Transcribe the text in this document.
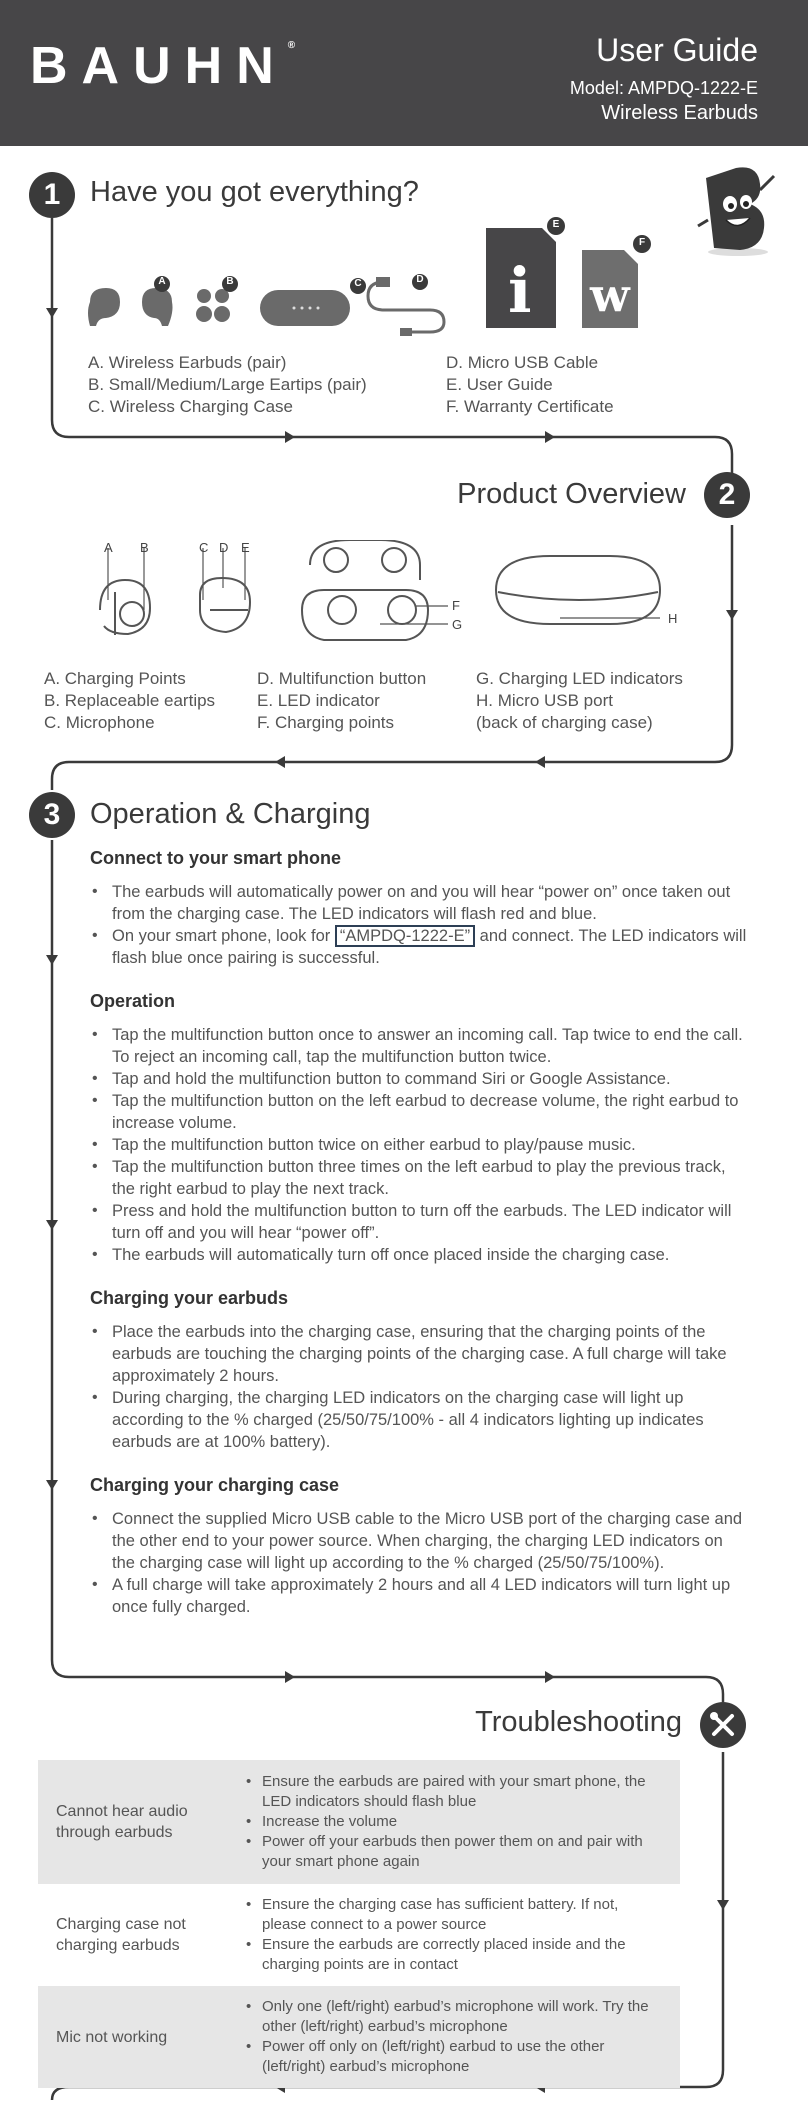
BAUHN®	User Guide
Model: AMPDQ-1222-E
Wireless Earbuds
1	Have you got everything?
A	B	C	D i w
E
F
A. Wireless Earbuds (pair)
B. Small/Medium/Large Eartips (pair)
C. Wireless Charging Case
D. Micro USB Cable
E. User Guide
F. Warranty Certificate
Product Overview	2
A B	C D E
F
G	H
A. Charging Points
B. Replaceable eartips
C. Microphone
D. Multifunction button
E. LED indicator
F. Charging points
G. Charging LED indicators
H. Micro USB port
(back of charging case)
3	Operation & Charging
Connect to your smart phone
• The earbuds will automatically power on and you will hear “power on” once taken out from the charging case. The LED indicators will flash red and blue.
• On your smart phone, look for “AMPDQ-1222-E” and connect. The LED indicators will flash blue once pairing is successful.
Operation
• Tap the multifunction button once to answer an incoming call. Tap twice to end the call. To reject an incoming call, tap the multifunction button twice.
• Tap and hold the multifunction button to command Siri or Google Assistance.
• Tap the multifunction button on the left earbud to decrease volume, the right earbud to increase volume.
• Tap the multifunction button twice on either earbud to play/pause music.
• Tap the multifunction button three times on the left earbud to play the previous track, the right earbud to play the next track.
• Press and hold the multifunction button to turn off the earbuds. The LED indicator will turn off and you will hear “power off”.
• The earbuds will automatically turn off once placed inside the charging case.
Charging your earbuds
• Place the earbuds into the charging case, ensuring that the charging points of the earbuds are touching the charging points of the charging case. A full charge will take approximately 2 hours.
• During charging, the charging LED indicators on the charging case will light up according to the % charged (25/50/75/100% - all 4 indicators lighting up indicates earbuds are at 100% battery).
Charging your charging case
• Connect the supplied Micro USB cable to the Micro USB port of the charging case and the other end to your power source. When charging, the charging LED indicators on the charging case will light up according to the % charged (25/50/75/100%).
• A full charge will take approximately 2 hours and all 4 LED indicators will turn light up once fully charged.
Troubleshooting
Cannot hear audio through earbuds
• Ensure the earbuds are paired with your smart phone, the LED indicators should flash blue
• Increase the volume
• Power off your earbuds then power them on and pair with your smart phone again
Charging case not charging earbuds
• Ensure the charging case has sufficient battery. If not, please connect to a power source
• Ensure the earbuds are correctly placed inside and the charging points are in contact
Mic not working
• Only one (left/right) earbud’s microphone will work. Try the other (left/right) earbud’s microphone
• Power off only on (left/right) earbud to use the other (left/right) earbud’s microphone
